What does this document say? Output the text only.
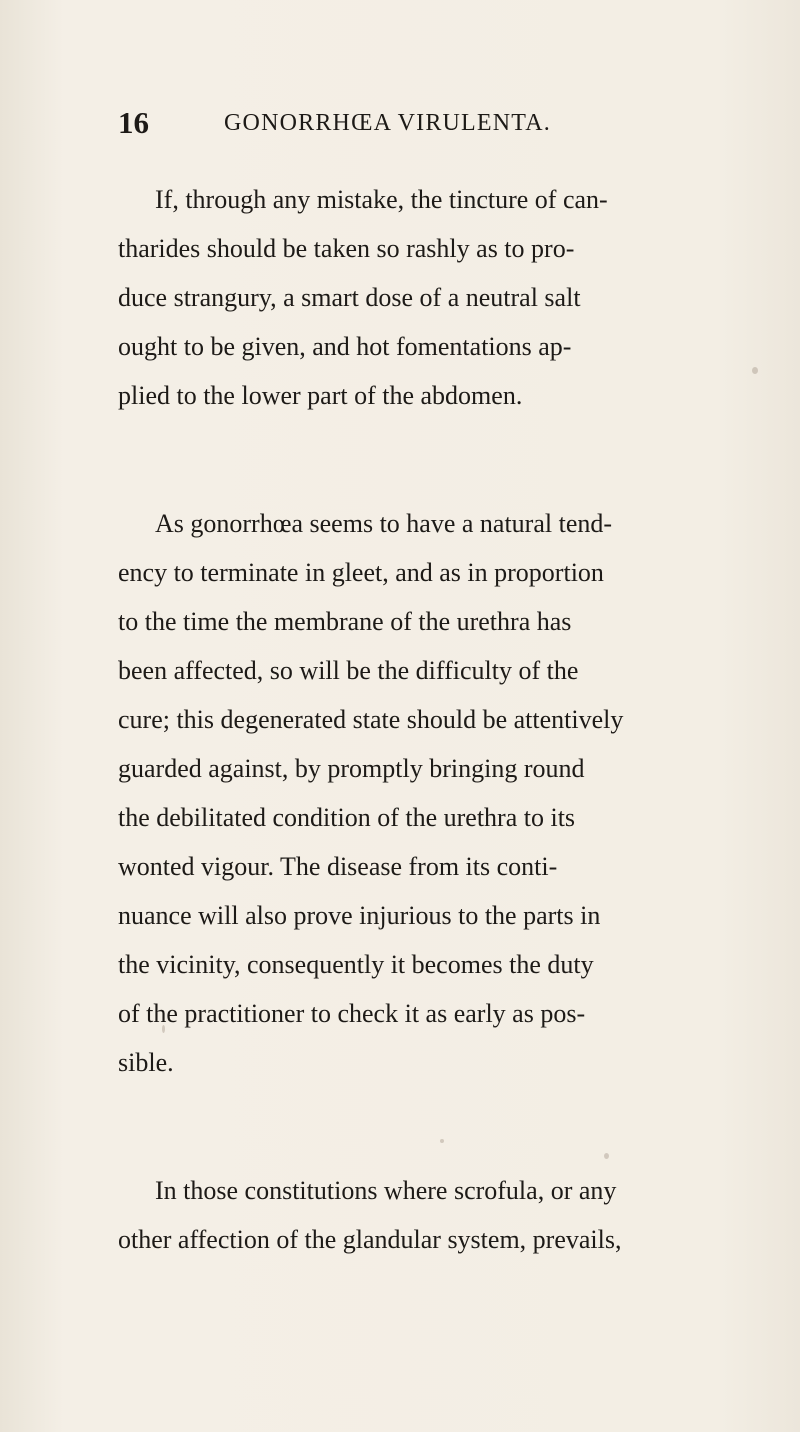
16	GONORRHŒA VIRULENTA.
If, through any mistake, the tincture of can-
tharides should be taken so rashly as to pro-
duce strangury, a smart dose of a neutral salt
ought to be given, and hot fomentations ap-
plied to the lower part of the abdomen.
As gonorrhœa seems to have a natural tend-
ency to terminate in gleet, and as in proportion
to the time the membrane of the urethra has
been affected, so will be the difficulty of the
cure; this degenerated state should be attentively
guarded against, by promptly bringing round
the debilitated condition of the urethra to its
wonted vigour. The disease from its conti-
nuance will also prove injurious to the parts in
the vicinity, consequently it becomes the duty
of the practitioner to check it as early as pos-
sible.
In those constitutions where scrofula, or any
other affection of the glandular system, prevails,
